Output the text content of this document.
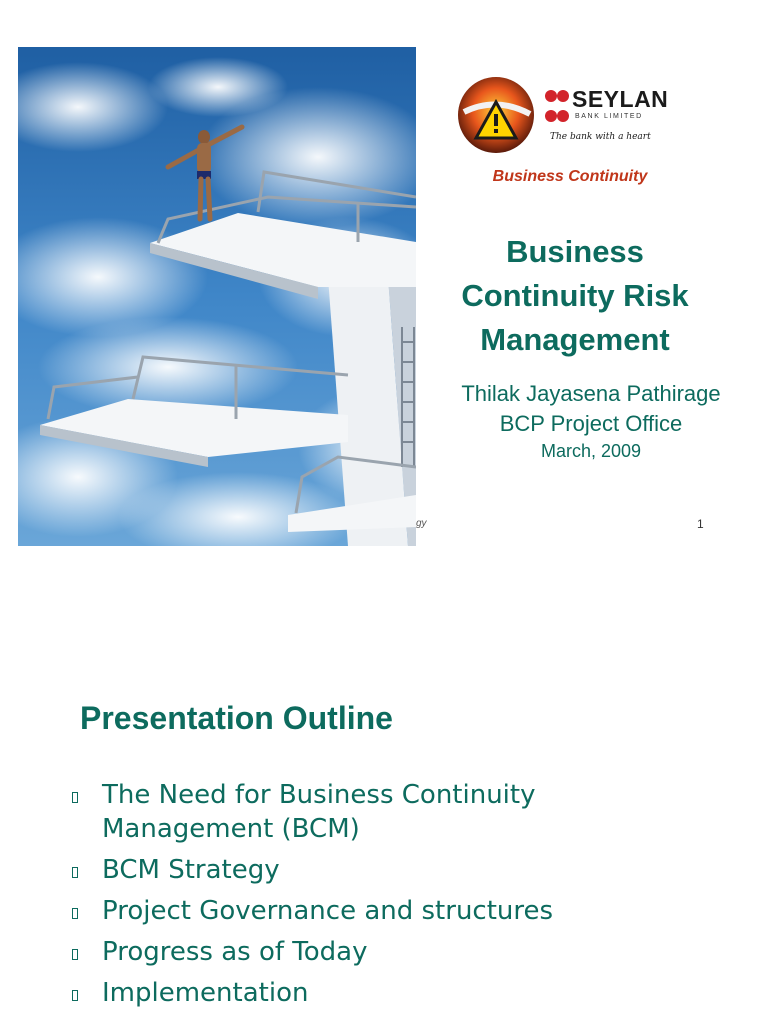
SEYLAN
BANK LIMITED
The bank with a heart
Business Continuity
Business
Continuity Risk
Management
Thilak Jayasena Pathirage
BCP Project Office
March, 2009
gy	1
Presentation Outline
The Need for Business Continuity Management (BCM)
BCM Strategy
Project Governance and structures
Progress as of Today
Implementation
